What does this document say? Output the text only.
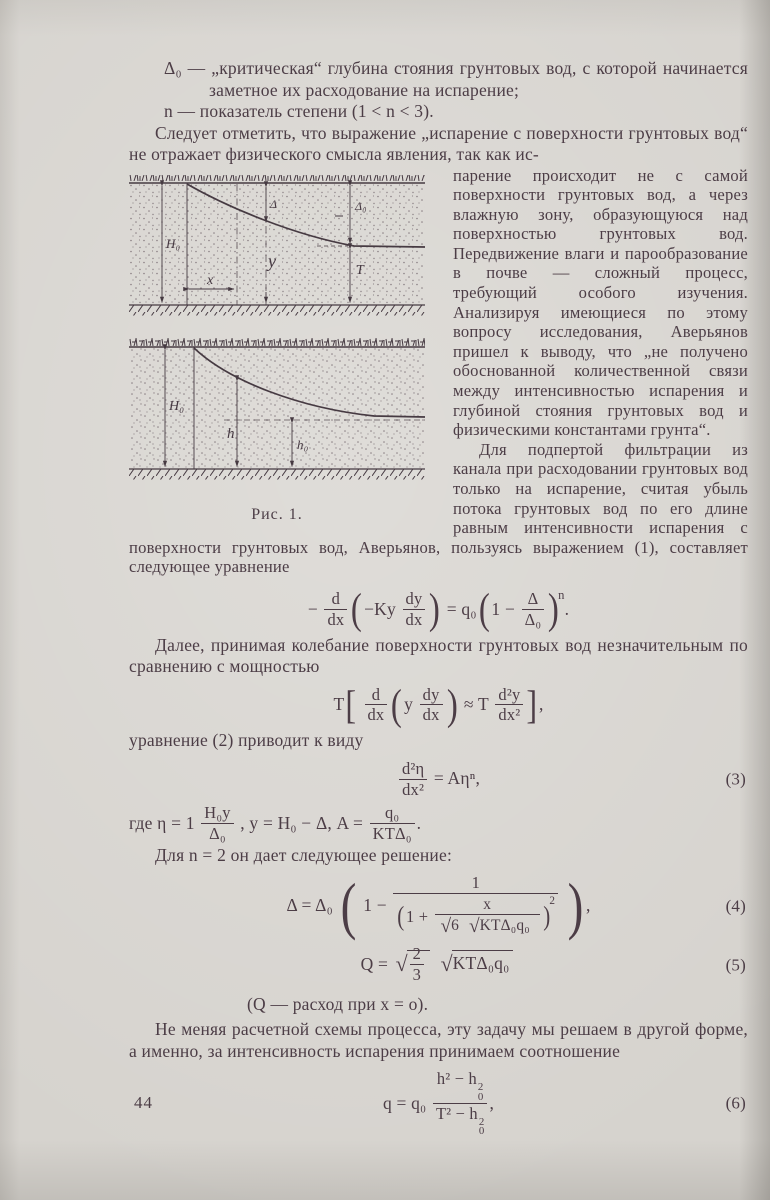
Δ₀ — „критическая“ глубина стояния грунтовых вод, с которой начинается заметное их расходование на испарение;

n — показатель степени (1 < n < 3).

Следует отметить, что выражение „испарение с поверхности грунтовых вод“ не отражает физического смысла явления, так как ис-

H₀
Δ	Δ₀
y
x
T
H₀
h
h₀
Рис. 1.

парение происходит не с самой поверхности грунтовых вод, а через влажную зону, образующуюся над поверхностью грунтовых вод. Передвижение влаги и парообразование в почве — сложный процесс, требующий особого изучения. Анализируя имеющиеся по этому вопросу исследования, Аверьянов пришел к выводу, что „не получено обоснованной количественной связи между интенсивностью испарения и глубиной стояния грунтовых вод и физическими константами грунта“.

Для подпертой фильтрации из канала при расходовании грунтовых вод только на испарение, считая убыль потока грунтовых вод по его длине равным интенсивности испарения с поверхности грунтовых вод, Аверьянов, пользуясь выражением (1), составляет следующее уравнение

− $\frac{d}{dx}$ ( $-Ky \frac{dy}{dx}$ ) = q₀( $1 - \frac{\Delta}{\text{Δ₀}} )^n$.

Далее, принимая колебание поверхности грунтовых вод незначительным по сравнению с мощностью

$T[ \frac{d}{dx}$ ( y $\frac{dy}{dx}$ ) ≈ T $\frac{\text{d²y}}{\text{dx²}}$ ],

уравнение (2) приводит к виду

$\frac{\text{d²η}}{\text{dx²}} = A\eta^n$,	(3)
где $\eta = 1 \frac{\text{H₀y}}{\text{Δ₀}}$ , y = H₀ − Δ, $A = \frac{\text{q₀}}{\text{KTΔ₀}}$ .

Для n = 2 он дает следующее решение:

Δ = Δ₀ ( $1 - \frac{1}{(1 + \frac{x}{\text{√6 √KTΔ₀q₀}} )^2}$ ) ,	(4)
Q = √ $\frac{2}{3} √KT\Delta_0q_0$	(5)

(Q — расход при x = о).

Не меняя расчетной схемы процесса, эту задачу мы решаем в другой форме, а именно, за интенсивность испарения принимаем соотношение

q = q₀ h² − h 2
0
T² − h 2
0 ,	(6)
44
